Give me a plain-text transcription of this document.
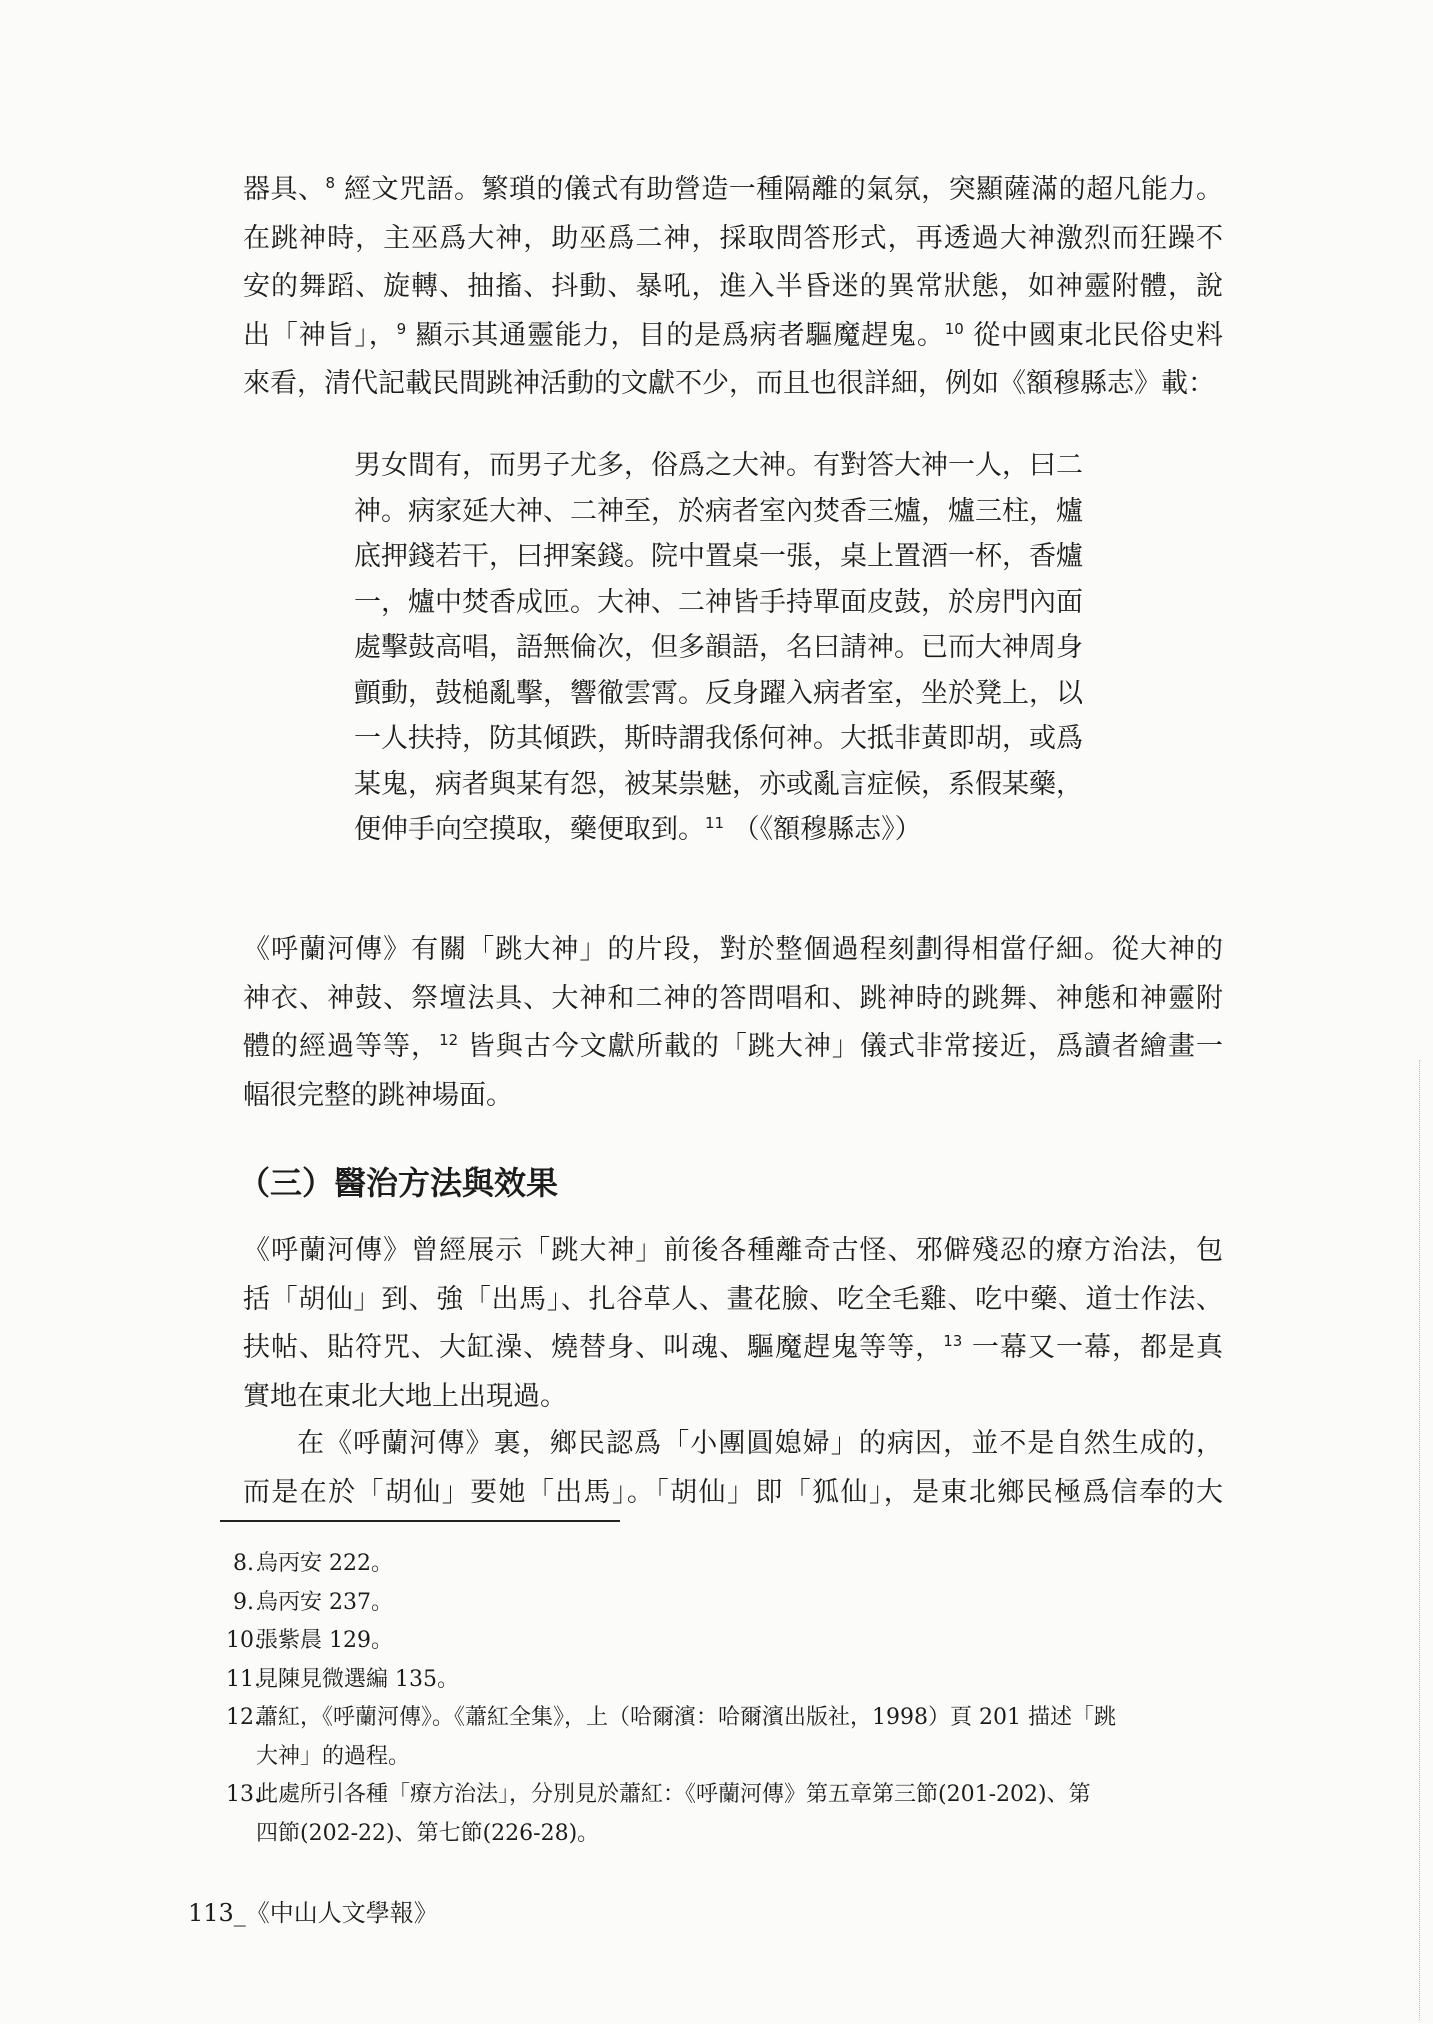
器具、$^8$ 經文咒語。繁瑣的儀式有助營造一種隔離的氣氛，突顯薩滿的超凡能力。
在跳神時，主巫爲大神，助巫爲二神，採取問答形式，再透過大神激烈而狂躁不
安的舞蹈、旋轉、抽搐、抖動、暴吼，進入半昏迷的異常狀態，如神靈附體，說
出「神旨」，$^9$ 顯示其通靈能力，目的是爲病者驅魔趕鬼。$^{10}$ 從中國東北民俗史料
來看，清代記載民間跳神活動的文獻不少，而且也很詳細，例如《額穆縣志》載：

男女間有，而男子尤多，俗爲之大神。有對答大神一人，曰二
神。病家延大神、二神至，於病者室內焚香三爐，爐三柱，爐
底押錢若干，曰押案錢。院中置桌一張，桌上置酒一杯，香爐
一，爐中焚香成匝。大神、二神皆手持單面皮鼓，於房門內面
處擊鼓高唱，語無倫次，但多韻語，名曰請神。已而大神周身
顫動，鼓槌亂擊，響徹雲霄。反身躍入病者室，坐於凳上，以
一人扶持，防其傾跌，斯時謂我係何神。大抵非黃即胡，或爲
某鬼，病者與某有怨，被某祟魅，亦或亂言症候，系假某藥，
便伸手向空摸取，藥便取到。$^{11}$ （《額穆縣志》）

《呼蘭河傳》有關「跳大神」的片段，對於整個過程刻劃得相當仔細。從大神的
神衣、神鼓、祭壇法具、大神和二神的答問唱和、跳神時的跳舞、神態和神靈附
體的經過等等，$^{12}$ 皆與古今文獻所載的「跳大神」儀式非常接近，爲讀者繪畫一
幅很完整的跳神場面。

（三）醫治方法與效果

《呼蘭河傳》曾經展示「跳大神」前後各種離奇古怪、邪僻殘忍的療方治法，包
括「胡仙」到、強「出馬」、扎谷草人、畫花臉、吃全毛雞、吃中藥、道士作法、
扶帖、貼符咒、大缸澡、燒替身、叫魂、驅魔趕鬼等等，$^{13}$ 一幕又一幕，都是真
實地在東北大地上出現過。

在《呼蘭河傳》裏，鄉民認爲「小團圓媳婦」的病因，並不是自然生成的，
而是在於「胡仙」要她「出馬」。「胡仙」即「狐仙」，是東北鄉民極爲信奉的大

8.烏丙安 222。
9.烏丙安 237。
10.張紫晨 129。
11.見陳見微選編 135。
12.蕭紅，《呼蘭河傳》。《蕭紅全集》，上（哈爾濱：哈爾濱出版社，1998）頁 201 描述「跳
大神」的過程。
13.此處所引各種「療方治法」，分別見於蕭紅：《呼蘭河傳》第五章第三節(201-202)、第
四節(202-22)、第七節(226-28)。
113_《中山人文學報》
